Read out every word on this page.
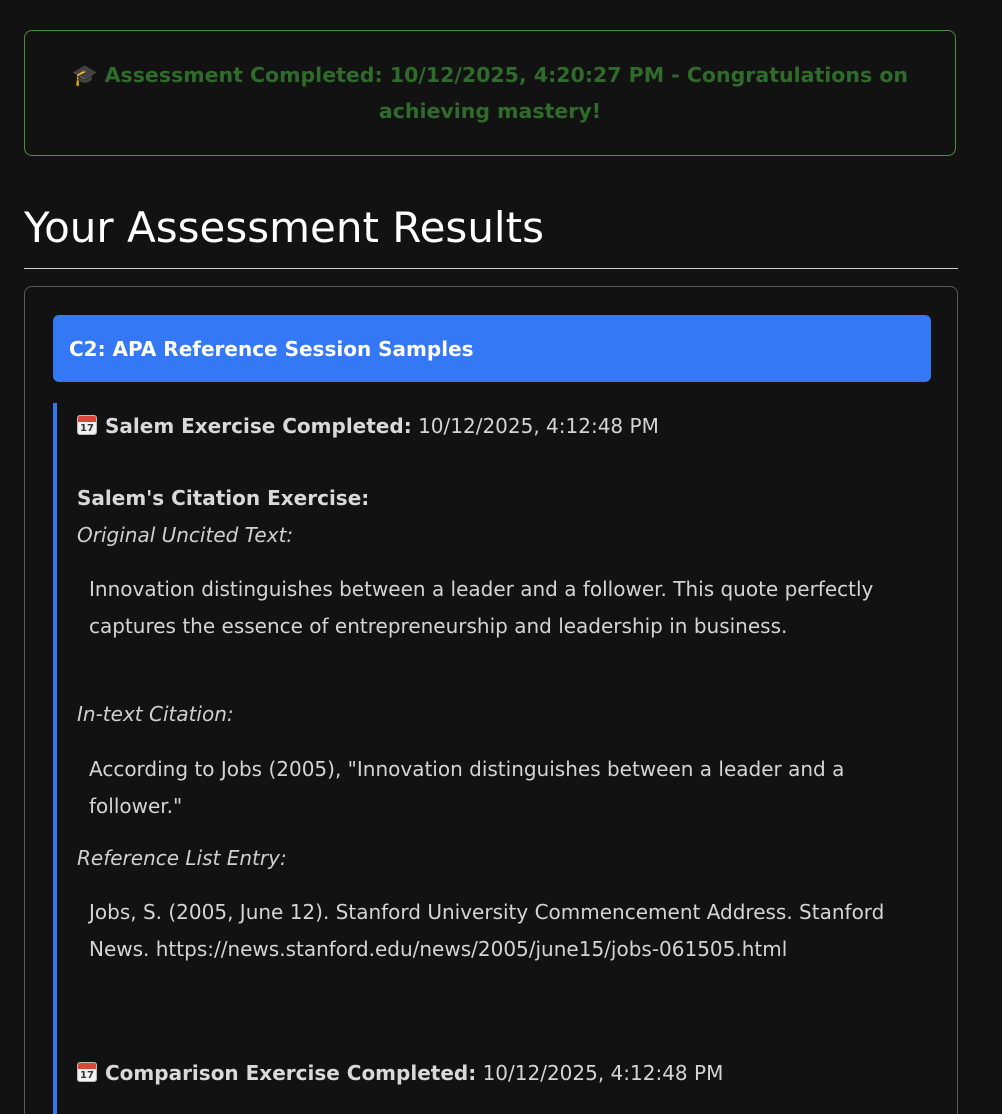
🎓 Assessment Completed: 10/12/2025, 4:20:27 PM - Congratulations on achieving mastery!
Your Assessment Results
C2: APA Reference Session Samples
17Salem Exercise Completed: 10/12/2025, 4:12:48 PM
Salem's Citation Exercise:
Original Uncited Text:
Innovation distinguishes between a leader and a follower. This quote perfectly captures the essence of entrepreneurship and leadership in business.
In-text Citation:
According to Jobs (2005), "Innovation distinguishes between a leader and a follower."
Reference List Entry:
Jobs, S. (2005, June 12). Stanford University Commencement Address. Stanford News. https://news.stanford.edu/news/2005/june15/jobs-061505.html
17Comparison Exercise Completed: 10/12/2025, 4:12:48 PM
